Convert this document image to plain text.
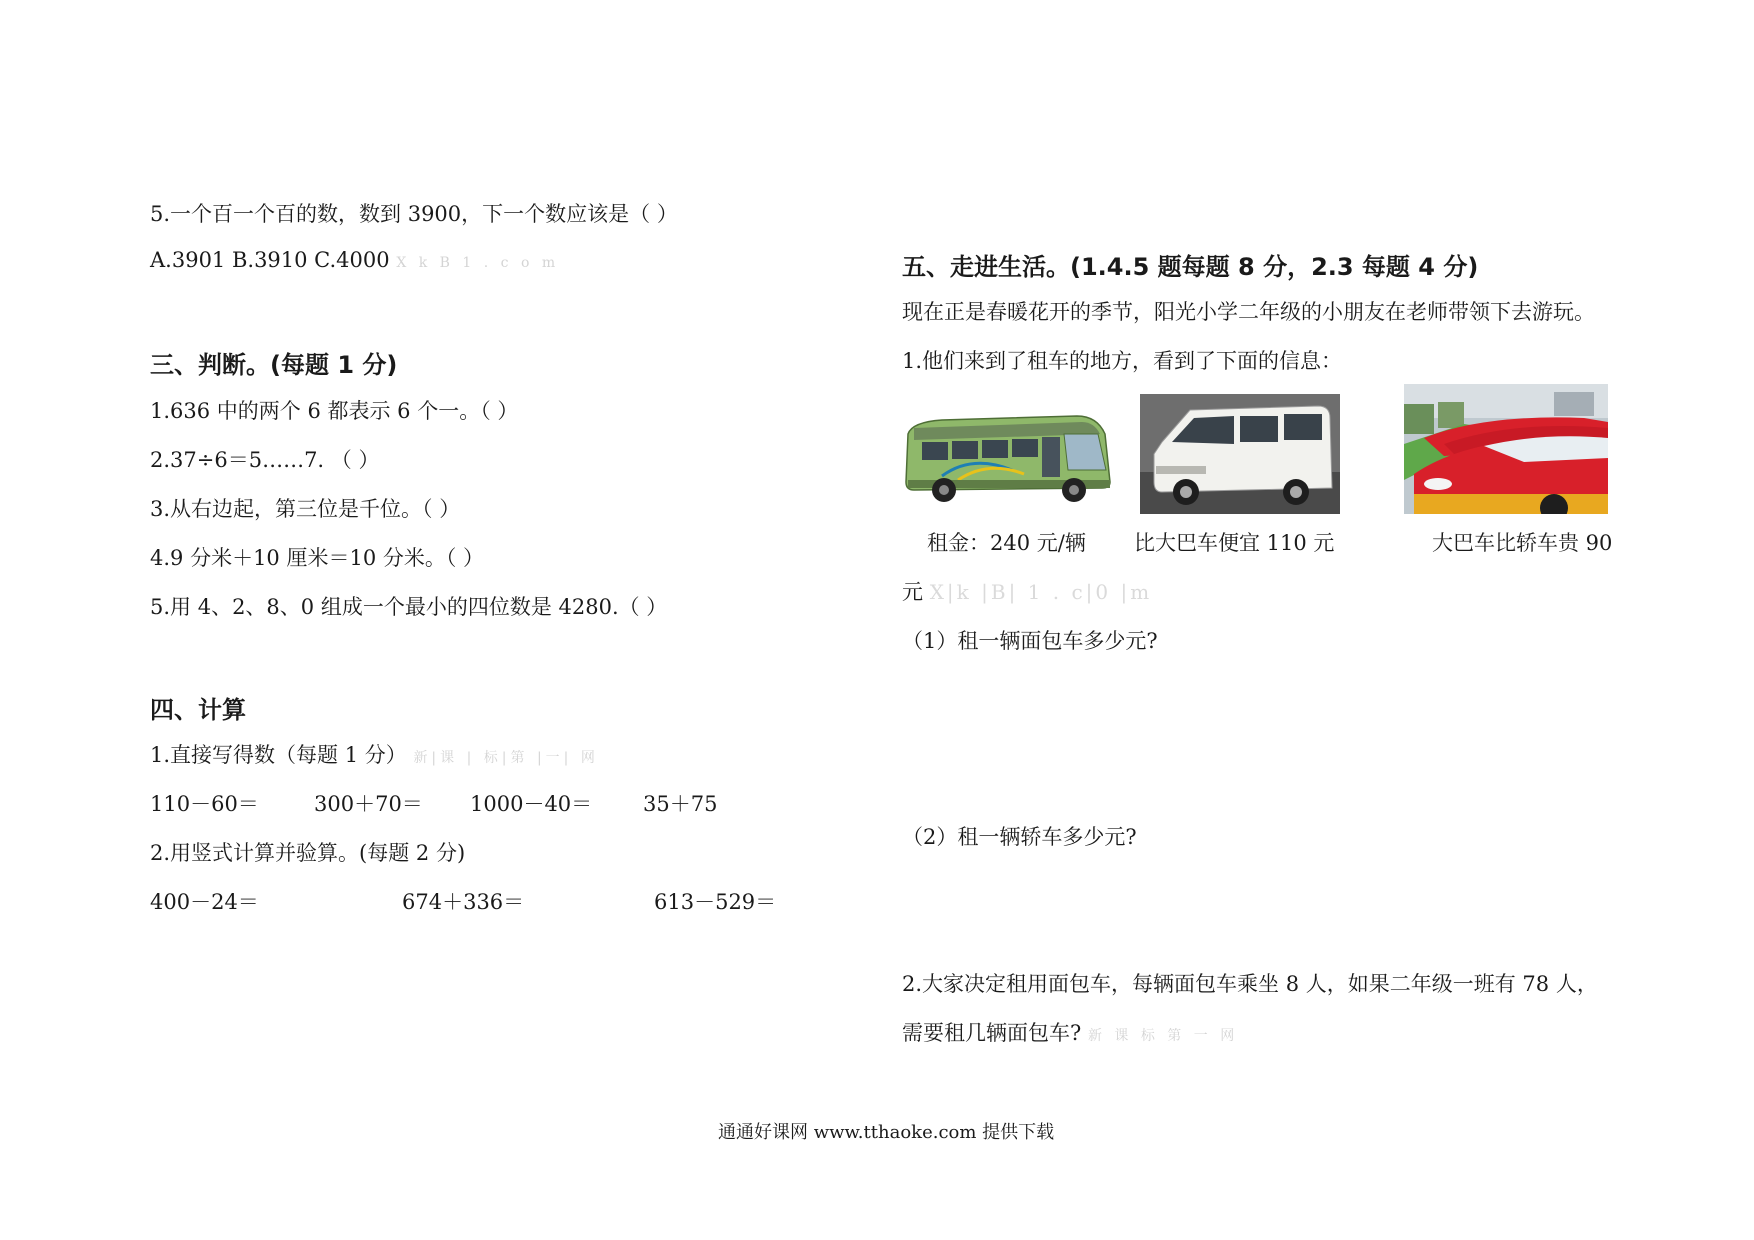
5.一个百一个百的数，数到 3900，下一个数应该是（ ）
A.3901 B.3910 C.4000 X k B 1 . c o m
三、判断。(每题 1 分)
1.636 中的两个 6 都表示 6 个一。（ ）
2.37÷6＝5……7. （ ）
3.从右边起，第三位是千位。（ ）
4.9 分米＋10 厘米＝10 分米。（ ）
5.用 4、2、8、0 组成一个最小的四位数是 4280.（ ）
四、计算
1.直接写得数（每题 1 分） 新|课 | 标|第 |一| 网
110－60＝	300＋70＝ 1000－40＝ 35＋75
2.用竖式计算并验算。(每题 2 分)
400－24＝	674＋336＝	613－529＝
五、走进生活。(1.4.5 题每题 8 分，2.3 每题 4 分)
现在正是春暖花开的季节，阳光小学二年级的小朋友在老师带领下去游玩。
1.他们来到了租车的地方，看到了下面的信息：
租金：240 元/辆 比大巴车便宜 110 元	大巴车比轿车贵 90
元 X|k |B| 1 . c|0 |m
（1）租一辆面包车多少元?
（2）租一辆轿车多少元?
2.大家决定租用面包车，每辆面包车乘坐 8 人，如果二年级一班有 78 人，
需要租几辆面包车? 新 课 标 第 一 网
通通好课网 www.tthaoke.com 提供下载
